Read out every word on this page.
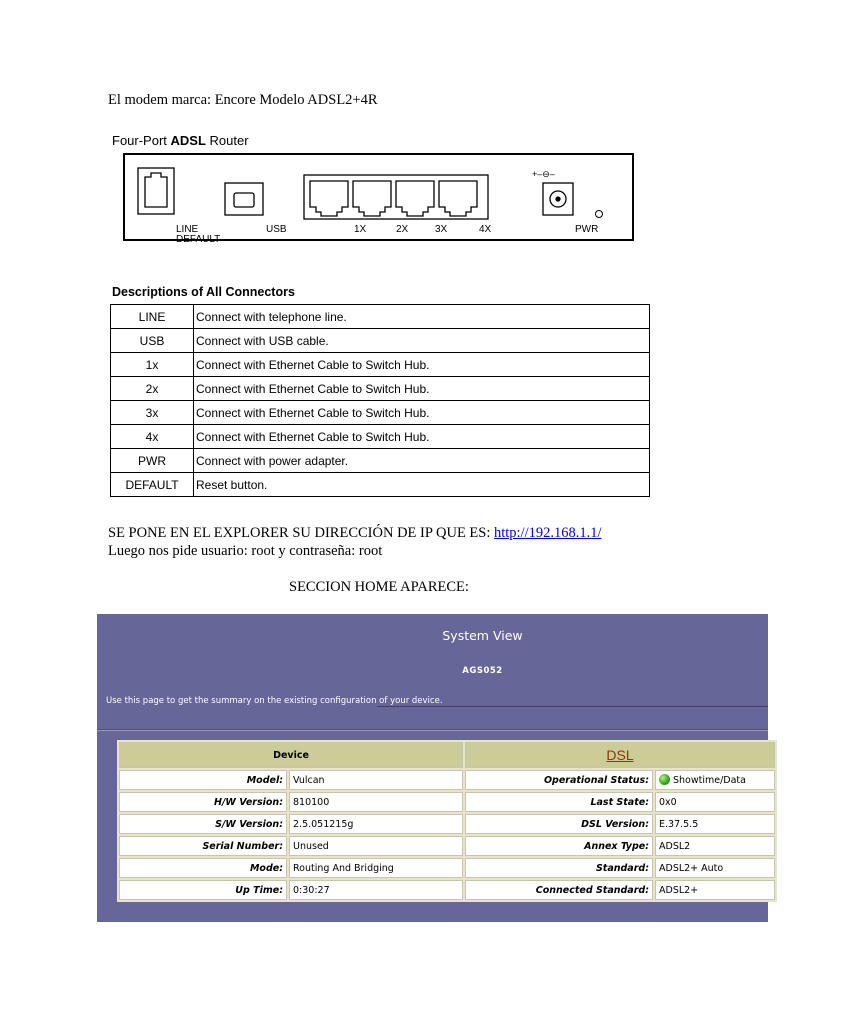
El modem marca: Encore Modelo ADSL2+4R
Four-Port ADSL Router
+–⊖–
LINE
DEFAULT
USB	1X	2X	3X	4X	PWR
Descriptions of All Connectors
LINE	Connect with telephone line.
USB	Connect with USB cable.
1x	Connect with Ethernet Cable to Switch Hub.
2x	Connect with Ethernet Cable to Switch Hub.
3x	Connect with Ethernet Cable to Switch Hub.
4x	Connect with Ethernet Cable to Switch Hub.
PWR	Connect with power adapter.
DEFAULT	Reset button.
SE PONE EN EL EXPLORER SU DIRECCIÓN DE IP QUE ES: http://192.168.1.1/
Luego nos pide usuario: root y contraseña: root
SECCION HOME APARECE:
System View
AGS052
Use this page to get the summary on the existing configuration of your device.
Device		DSL	
Model:	Vulcan	Operational Status:	Showtime/Data
H/W Version:	810100	Last State:	0x0
S/W Version:	2.5.051215g	DSL Version:	E.37.5.5
Serial Number:	Unused	Annex Type:	ADSL2
Mode:	Routing And Bridging	Standard:	ADSL2+ Auto
Up Time:	0:30:27	Connected Standard:	ADSL2+
